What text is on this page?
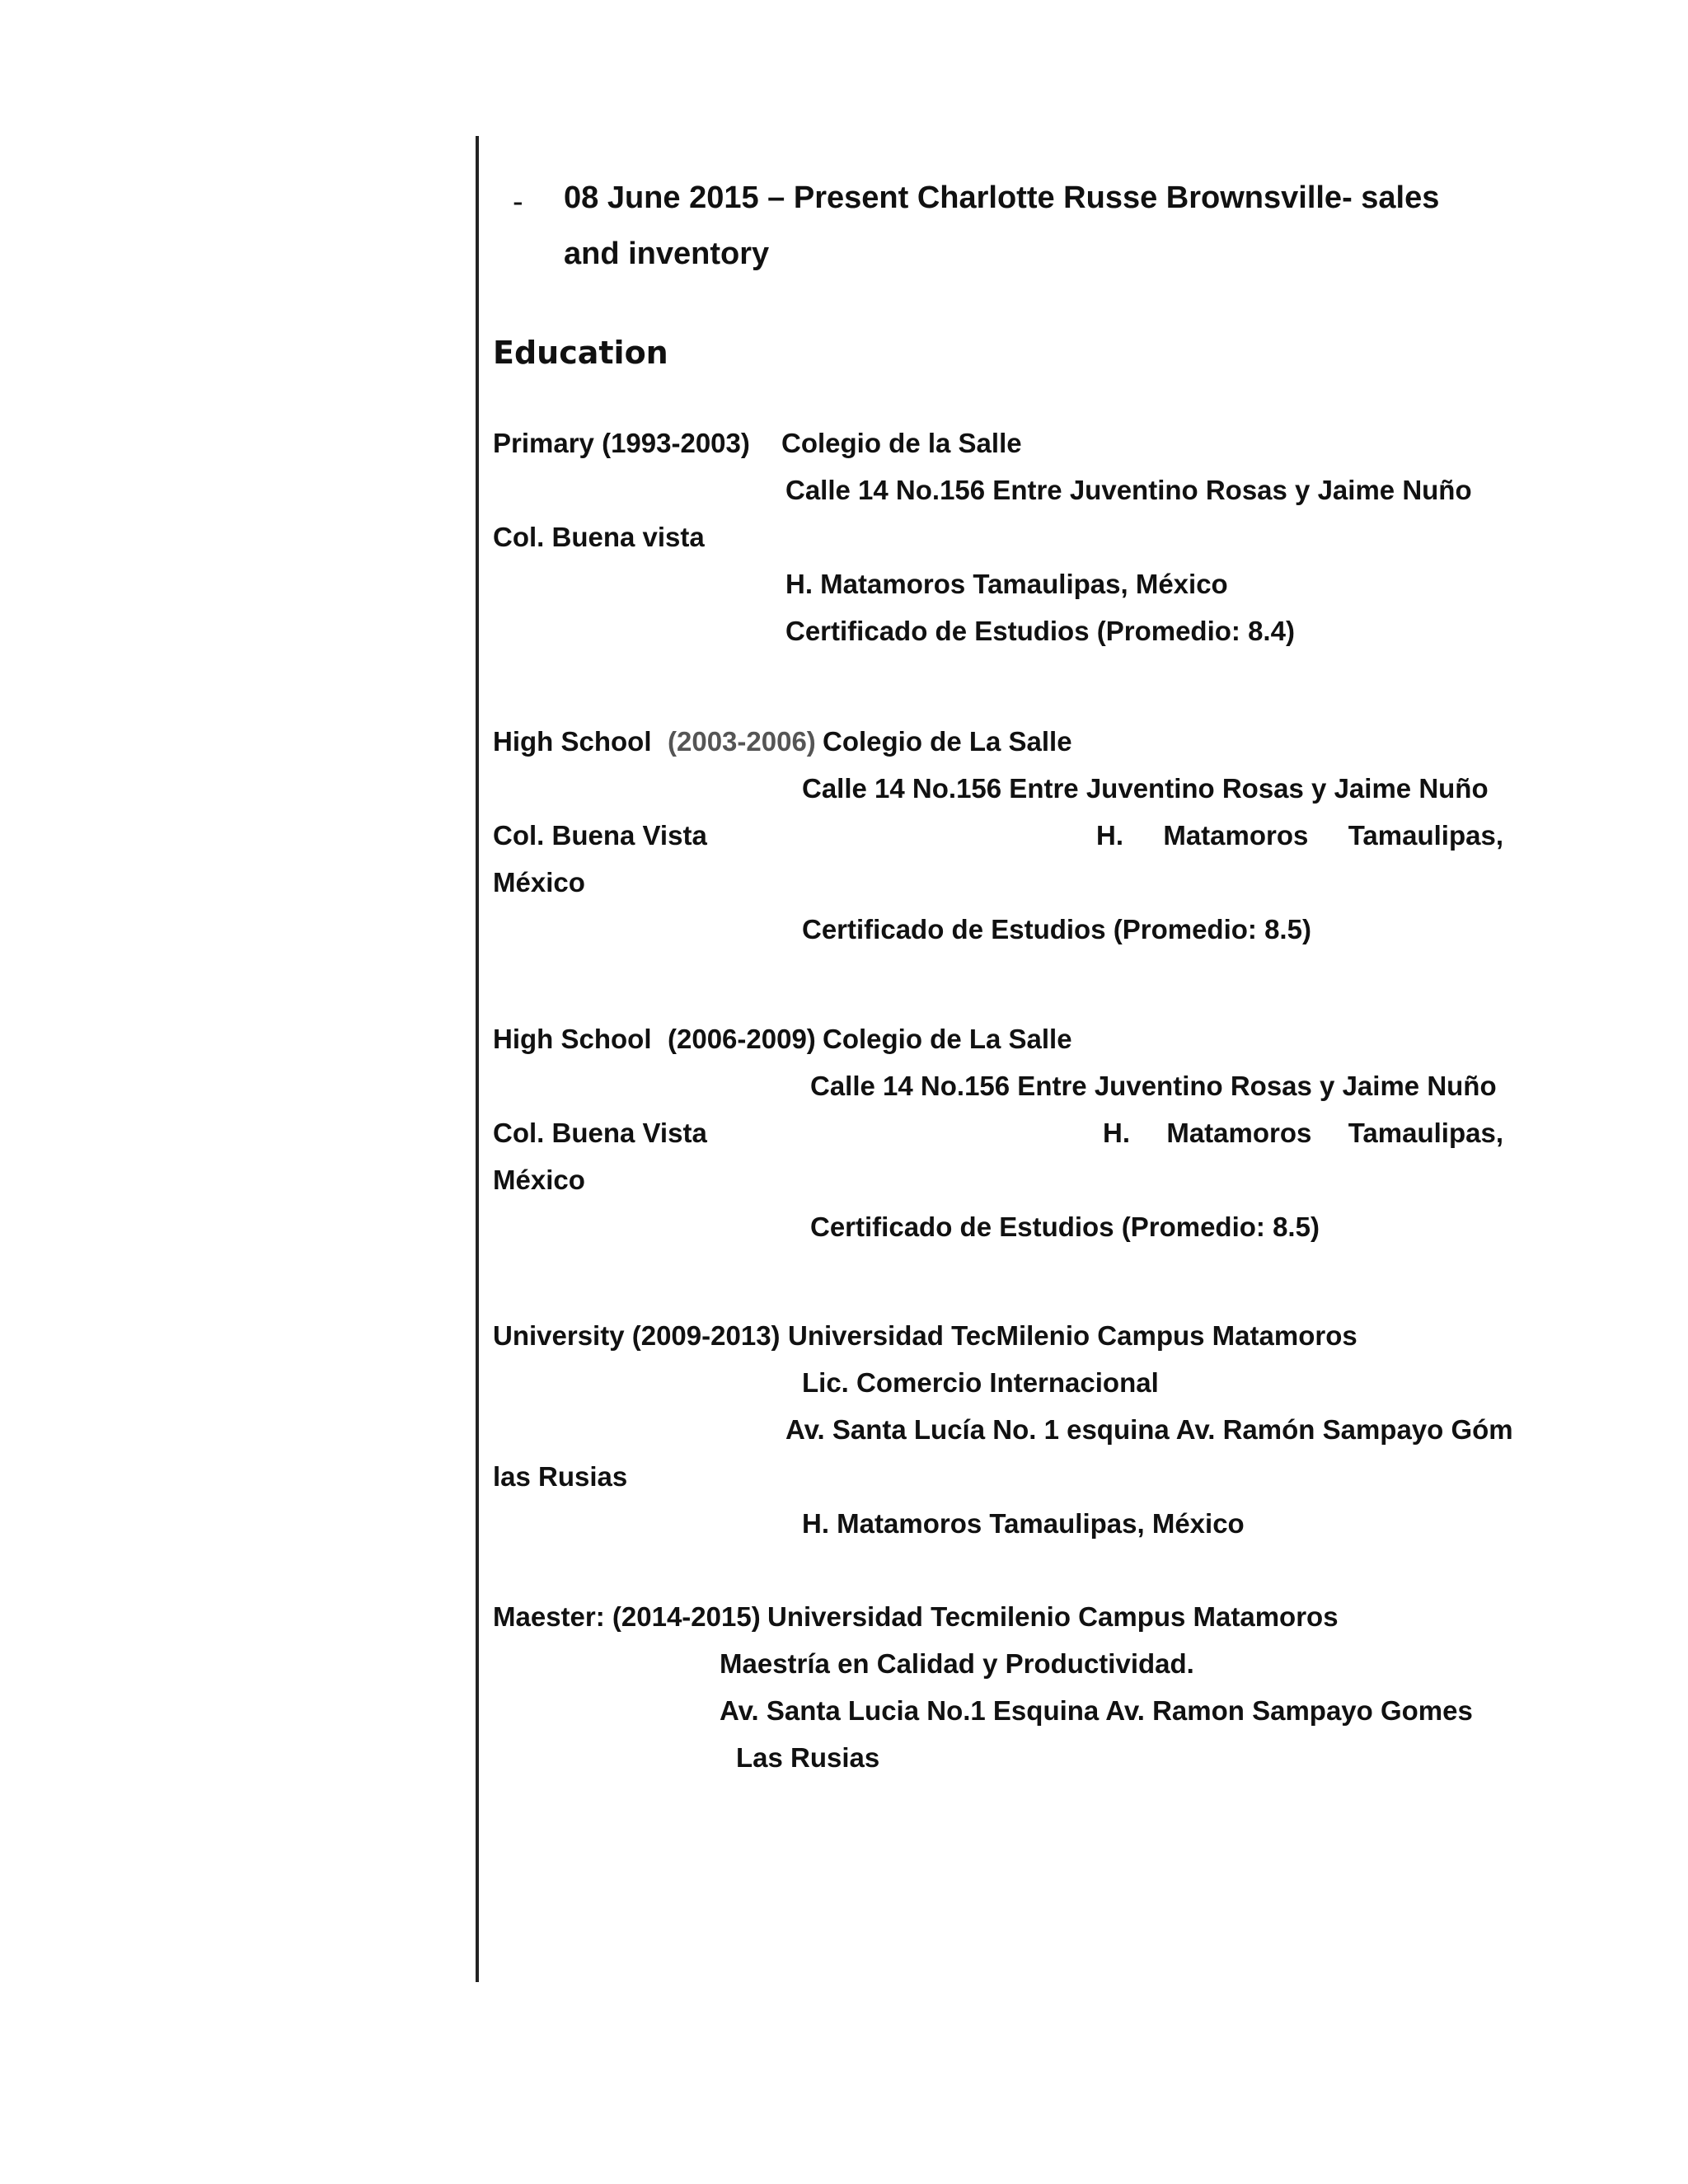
- 08 June 2015 – Present Charlotte Russe Brownsville- sales
and inventory
Education
Primary (1993-2003) Colegio de la Salle
Calle 14 No.156 Entre Juventino Rosas y Jaime Nuño
Col. Buena vista
H. Matamoros Tamaulipas, México
Certificado de Estudios (Promedio: 8.4)
High School (2003-2006) Colegio de La Salle
Calle 14 No.156 Entre Juventino Rosas y Jaime Nuño
Col. Buena Vista	H. Matamoros Tamaulipas,
México
Certificado de Estudios (Promedio: 8.5)
High School (2006-2009) Colegio de La Salle
Calle 14 No.156 Entre Juventino Rosas y Jaime Nuño
Col. Buena Vista	H. Matamoros Tamaulipas,
México
Certificado de Estudios (Promedio: 8.5)
University (2009-2013) Universidad TecMilenio Campus Matamoros
Lic. Comercio Internacional
Av. Santa Lucía No. 1 esquina Av. Ramón Sampayo Góm
las Rusias
H. Matamoros Tamaulipas, México
Maester: (2014-2015) Universidad Tecmilenio Campus Matamoros
Maestría en Calidad y Productividad.
Av. Santa Lucia No.1 Esquina Av. Ramon Sampayo Gomes
Las Rusias
